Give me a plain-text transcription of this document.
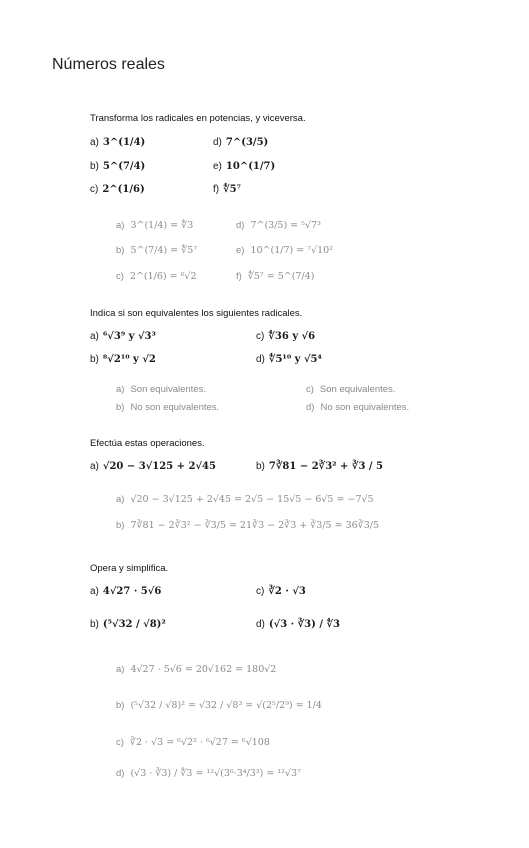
Números reales
Transforma los radicales en potencias, y viceversa.
a) 3^(1/4)	d) 7^(3/5)
b) 5^(7/4)	e) 10^(1/7)
c) 2^(1/6)	f) ∜5⁷
a) 3^(1/4) = ∜3	d) 7^(3/5) = ⁵√7³
b) 5^(7/4) = ∜5⁷	e) 10^(1/7) = ⁷√10²
c) 2^(1/6) = ⁶√2	f) ∜5⁷ = 5^(7/4)
Indica si son equivalentes los siguientes radicales.
a) ⁶√3⁹ y √3³	c) ∜36 y √6
b) ⁸√2¹⁰ y √2	d) ∜5¹⁰ y √5⁴
a) Son equivalentes.	c) Son equivalentes.
b) No son equivalentes.	d) No son equivalentes.
Efectúa estas operaciones.
a) √20 − 3√125 + 2√45	b) 7∛81 − 2∛3² + ∛3 / 5
a) √20 − 3√125 + 2√45 = 2√5 − 15√5 − 6√5 = −7√5
b) 7∛81 − 2∛3² − ∛3/5 = 21∛3 − 2∛3 + ∛3/5 = 36∛3/5
Opera y simplifica.
a) 4√27 · 5√6	c) ∛2 · √3
b) (⁵√32 / √8)²	d) (√3 · ∛3) / ∜3
a) 4√27 · 5√6 = 20√162 = 180√2
b) (⁵√32 / √8)² = √32 / √8³ = √(2⁵/2⁹) = 1/4
c) ∛2 · √3 = ⁶√2² · ⁶√27 = ⁶√108
d) (√3 · ∛3) / ∜3 = ¹²√(3⁶·3⁴/3³) = ¹²√3⁷
